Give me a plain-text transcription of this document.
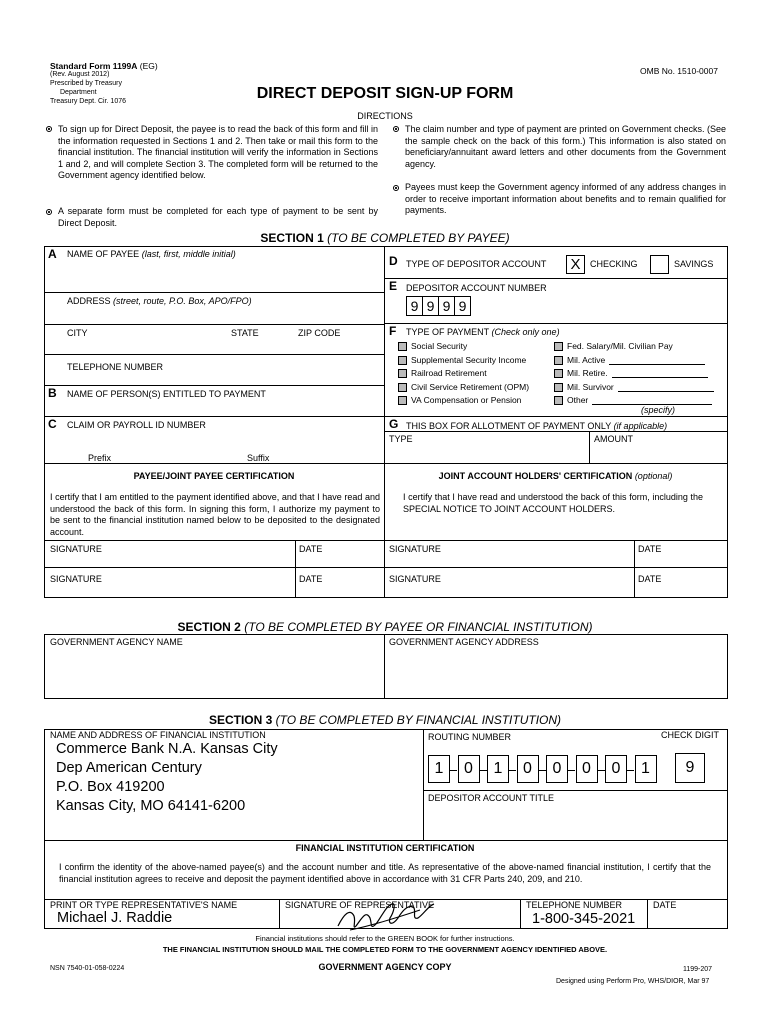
Standard Form 1199A (EG)
(Rev. August 2012)
Prescribed by Treasury
Department
Treasury Dept. Cir. 1076
OMB No. 1510-0007
DIRECT DEPOSIT SIGN-UP FORM
DIRECTIONS
To sign up for Direct Deposit, the payee is to read the back of this form and fill in the information requested in Sections 1 and 2. Then take or mail this form to the financial institution. The financial institution will verify the information in Sections 1 and 2, and will complete Section 3. The completed form will be returned to the Government agency identified below.
A separate form must be completed for each type of payment to be sent by Direct Deposit.
The claim number and type of payment are printed on Government checks. (See the sample check on the back of this form.) This information is also stated on beneficiary/annuitant award letters and other documents from the Government agency.
Payees must keep the Government agency informed of any address changes in order to receive important information about benefits and to remain qualified for payments.
SECTION 1 (TO BE COMPLETED BY PAYEE)
A NAME OF PAYEE (last, first, middle initial)
ADDRESS (street, route, P.O. Box, APO/FPO)
CITY	STATE	ZIP CODE
TELEPHONE NUMBER
B NAME OF PERSON(S) ENTITLED TO PAYMENT
C CLAIM OR PAYROLL ID NUMBER
Prefix	Suffix
D TYPE OF DEPOSITOR ACCOUNT X	CHECKING	SAVINGS
E DEPOSITOR ACCOUNT NUMBER
9 9 9 9
F TYPE OF PAYMENT (Check only one)
Social Security
Supplemental Security Income
Railroad Retirement
Civil Service Retirement (OPM)
VA Compensation or Pension
Fed. Salary/Mil. Civilian Pay
Mil. Active
Mil. Retire.
Mil. Survivor
Other
(specify)
G THIS BOX FOR ALLOTMENT OF PAYMENT ONLY (if applicable)
TYPE	AMOUNT
PAYEE/JOINT PAYEE CERTIFICATION
I certify that I am entitled to the payment identified above, and that I have read and understood the back of this form. In signing this form, I authorize my payment to be sent to the financial institution named below to be deposited to the designated account.
JOINT ACCOUNT HOLDERS' CERTIFICATION (optional)
I certify that I have read and understood the back of this form, including the SPECIAL NOTICE TO JOINT ACCOUNT HOLDERS.
SIGNATURE	DATE	SIGNATURE	DATE
SIGNATURE	DATE	SIGNATURE	DATE
SECTION 2 (TO BE COMPLETED BY PAYEE OR FINANCIAL INSTITUTION)
GOVERNMENT AGENCY NAME	GOVERNMENT AGENCY ADDRESS
SECTION 3 (TO BE COMPLETED BY FINANCIAL INSTITUTION)
NAME AND ADDRESS OF FINANCIAL INSTITUTION
Commerce Bank N.A. Kansas City
Dep American Century
P.O. Box 419200
Kansas City, MO 64141-6200
ROUTING NUMBER	CHECK DIGIT
1	0	1	0	0	0	0	1	9
DEPOSITOR ACCOUNT TITLE
FINANCIAL INSTITUTION CERTIFICATION
I confirm the identity of the above-named payee(s) and the account number and title. As representative of the above-named financial institution, I certify that the financial institution agrees to receive and deposit the payment identified above in accordance with 31 CFR Parts 240, 209, and 210.
PRINT OR TYPE REPRESENTATIVE'S NAME
Michael J. Raddie
SIGNATURE OF REPRESENTATIVE	TELEPHONE NUMBER
1-800-345-2021
DATE
Financial institutions should refer to the GREEN BOOK for further instructions.
THE FINANCIAL INSTITUTION SHOULD MAIL THE COMPLETED FORM TO THE GOVERNMENT AGENCY IDENTIFIED ABOVE.
NSN 7540-01-058-0224	GOVERNMENT AGENCY COPY	1199-207
Designed using Perform Pro, WHS/DIOR, Mar 97
